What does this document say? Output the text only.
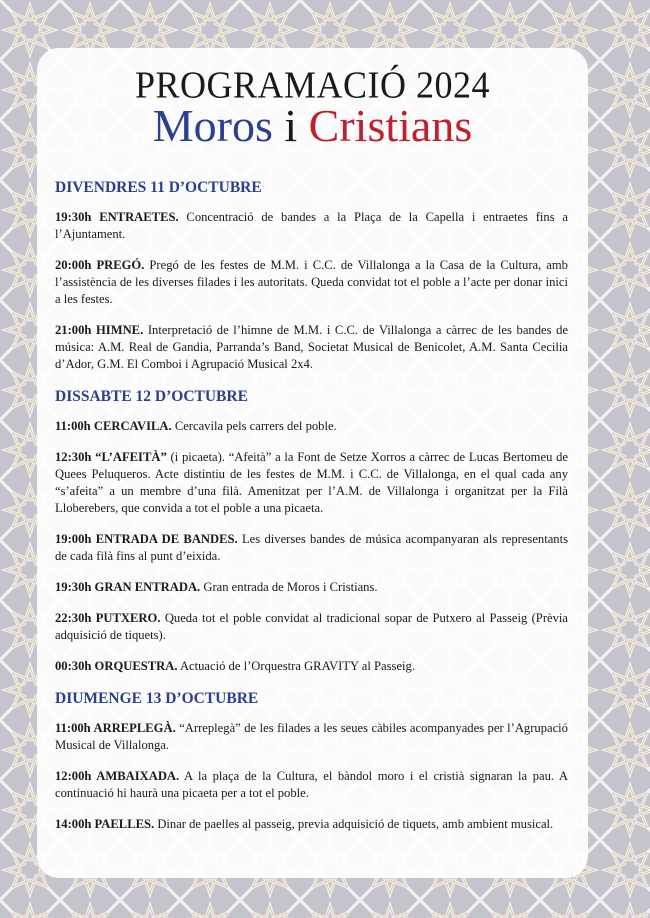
PROGRAMACIÓ 2024
Moros i Cristians
DIVENDRES 11 D’OCTUBRE
19:30h ENTRAETES. Concentració de bandes a la Plaça de la Capella i entraetes fins a l’Ajuntament.
20:00h PREGÓ. Pregó de les festes de M.M. i C.C. de Villalonga a la Casa de la Cultura, amb l’assistència de les diverses filades i les autoritats. Queda convidat tot el poble a l’acte per donar inici a les festes.
21:00h HIMNE. Interpretació de l’himne de M.M. i C.C. de Villalonga a càrrec de les bandes de música: A.M. Real de Gandia, Parranda’s Band, Societat Musical de Benicolet, A.M. Santa Cecilia d’Ador, G.M. El Comboi i Agrupació Musical 2x4.
DISSABTE 12 D’OCTUBRE
11:00h CERCAVILA. Cercavila pels carrers del poble.
12:30h “L’AFEITÀ” (i picaeta). “Afeità” a la Font de Setze Xorros a càrrec de Lucas Bertomeu de Quees Peluqueros. Acte distintiu de les festes de M.M. i C.C. de Villalonga, en el qual cada any “s’afeita” a un membre d’una filà. Amenitzat per l’A.M. de Villalonga i organitzat per la Filà Lloberebers, que convida a tot el poble a una picaeta.
19:00h ENTRADA DE BANDES. Les diverses bandes de música acompanyaran als representants de cada filà fins al punt d’eixida.
19:30h GRAN ENTRADA. Gran entrada de Moros i Cristians.
22:30h PUTXERO. Queda tot el poble convidat al tradicional sopar de Putxero al Passeig (Prèvia adquisició de tiquets).
00:30h ORQUESTRA. Actuació de l’Orquestra GRAVITY al Passeig.
DIUMENGE 13 D’OCTUBRE
11:00h ARREPLEGÀ. “Arreplegà” de les filades a les seues càbiles acompanyades per l’Agrupació Musical de Villalonga.
12:00h AMBAIXADA. A la plaça de la Cultura, el bàndol moro i el cristià signaran la pau. A continuació hi haurà una picaeta per a tot el poble.
14:00h PAELLES. Dinar de paelles al passeig, previa adquisició de tiquets, amb ambient musical.
